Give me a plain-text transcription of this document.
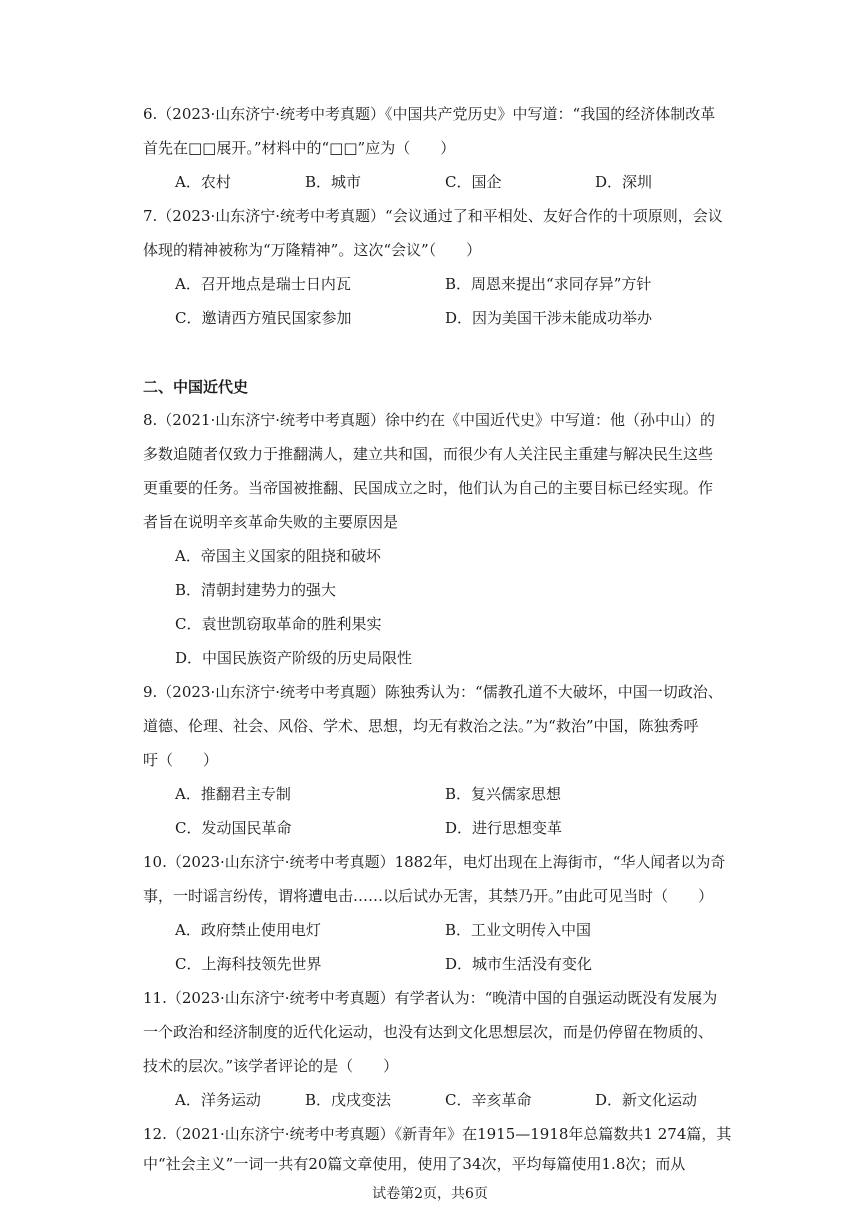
6.（2023·山东济宁·统考中考真题）《中国共产党历史》中写道：“我国的经济体制改革
首先在□□展开。”材料中的“□□”应为（　　）
A．农村	B．城市	C．国企	D．深圳
7.（2023·山东济宁·统考中考真题）“会议通过了和平相处、友好合作的十项原则，会议
体现的精神被称为“万隆精神”。这次“会议”（　　）
A．召开地点是瑞士日内瓦	B．周恩来提出“求同存异”方针
C．邀请西方殖民国家参加	D．因为美国干涉未能成功举办
二、中国近代史
8.（2021·山东济宁·统考中考真题）徐中约在《中国近代史》中写道：他（孙中山）的
多数追随者仅致力于推翻满人，建立共和国，而很少有人关注民主重建与解决民生这些
更重要的任务。当帝国被推翻、民国成立之时，他们认为自己的主要目标已经实现。作
者旨在说明辛亥革命失败的主要原因是
A．帝国主义国家的阻挠和破坏
B．清朝封建势力的强大
C．袁世凯窃取革命的胜利果实
D．中国民族资产阶级的历史局限性
9.（2023·山东济宁·统考中考真题）陈独秀认为：“儒教孔道不大破坏，中国一切政治、
道德、伦理、社会、风俗、学术、思想，均无有救治之法。”为“救治”中国，陈独秀呼
吁（　　）
A．推翻君主专制	B．复兴儒家思想
C．发动国民革命	D．进行思想变革
10.（2023·山东济宁·统考中考真题）1882年，电灯出现在上海街市，“华人闻者以为奇
事，一时谣言纷传，谓将遭电击……以后试办无害，其禁乃开。”由此可见当时（　　）
A．政府禁止使用电灯	B．工业文明传入中国
C．上海科技领先世界	D．城市生活没有变化
11.（2023·山东济宁·统考中考真题）有学者认为：“晚清中国的自强运动既没有发展为
一个政治和经济制度的近代化运动，也没有达到文化思想层次，而是仍停留在物质的、
技术的层次。”该学者评论的是（　　）
A．洋务运动	B．戊戌变法	C．辛亥革命	D．新文化运动
12.（2021·山东济宁·统考中考真题）《新青年》在1915—1918年总篇数共1 274篇，其
试卷第2页，共6页
中“社会主义”一词一共有20篇文章使用，使用了34次，平均每篇使用1.8次；而从
